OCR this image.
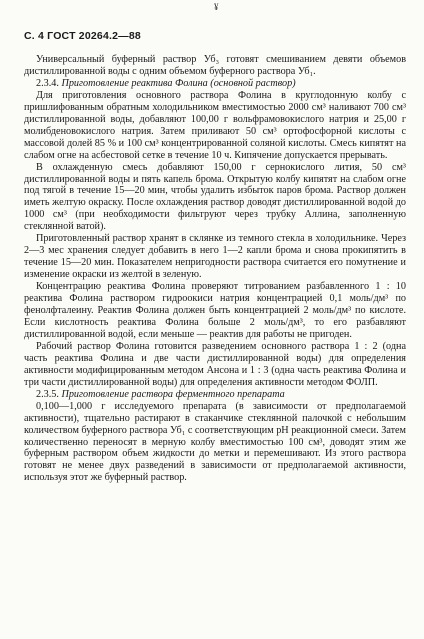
¥
С. 4 ГОСТ 20264.2—88

Универсальный буферный раствор Уб₃ готовят смешиванием девяти объемов дистиллированной воды с одним объемом буферного раствора Уб₁.

2.3.4. Приготовление реактива Фолина (основной раствор)

Для приготовления основного раствора Фолина в круглодонную колбу с пришлифованным обратным холодильником вместимостью 2000 см³ наливают 700 см³ дистиллированной воды, добавляют 100,00 г вольфрамовокислого натрия и 25,00 г молибденовокислого натрия. Затем приливают 50 см³ ортофосфорной кислоты с массовой долей 85 % и 100 см³ концентрированной соляной кислоты. Смесь кипятят на слабом огне на асбестовой сетке в течение 10 ч. Кипячение допускается прерывать.

В охлажденную смесь добавляют 150,00 г сернокислого лития, 50 см³ дистиллированной воды и пять капель брома. Открытую колбу кипятят на слабом огне под тягой в течение 15—20 мин, чтобы удалить избыток паров брома. Раствор должен иметь желтую окраску. После охлаждения раствор доводят дистиллированной водой до 1000 см³ (при необходимости фильтруют через трубку Аллина, заполненную стеклянной ватой).

Приготовленный раствор хранят в склянке из темного стекла в холодильнике. Через 2—3 мес хранения следует добавить в него 1—2 капли брома и снова прокипятить в течение 15—20 мин. Показателем непригодности раствора считается его помутнение и изменение окраски из желтой в зеленую.

Концентрацию реактива Фолина проверяют титрованием разбавленного 1 : 10 реактива Фолина раствором гидроокиси натрия концентрацией 0,1 моль/дм³ по фенолфталеину. Реактив Фолина должен быть концентрацией 2 моль/дм³ по кислоте. Если кислотность реактива Фолина больше 2 моль/дм³, то его разбавляют дистиллированной водой, если меньше — реактив для работы не пригоден.

Рабочий раствор Фолина готовится разведением основного раствора 1 : 2 (одна часть реактива Фолина и две части дистиллированной воды) для определения активности модифицированным методом Ансона и 1 : 3 (одна часть реактива Фолина и три части дистиллированной воды) для определения активности методом ФОЛП.

2.3.5. Приготовление раствора ферментного препарата

0,100—1,000 г исследуемого препарата (в зависимости от предполагаемой активности), тщательно растирают в стаканчике стеклянной палочкой с небольшим количеством буферного раствора Уб₁ с соответствующим рН реакционной смеси. Затем количественно переносят в мерную колбу вместимостью 100 см³, доводят этим же буферным раствором объем жидкости до метки и перемешивают. Из этого раствора готовят не менее двух разведений в зависимости от предполагаемой активности, используя этот же буферный раствор.
